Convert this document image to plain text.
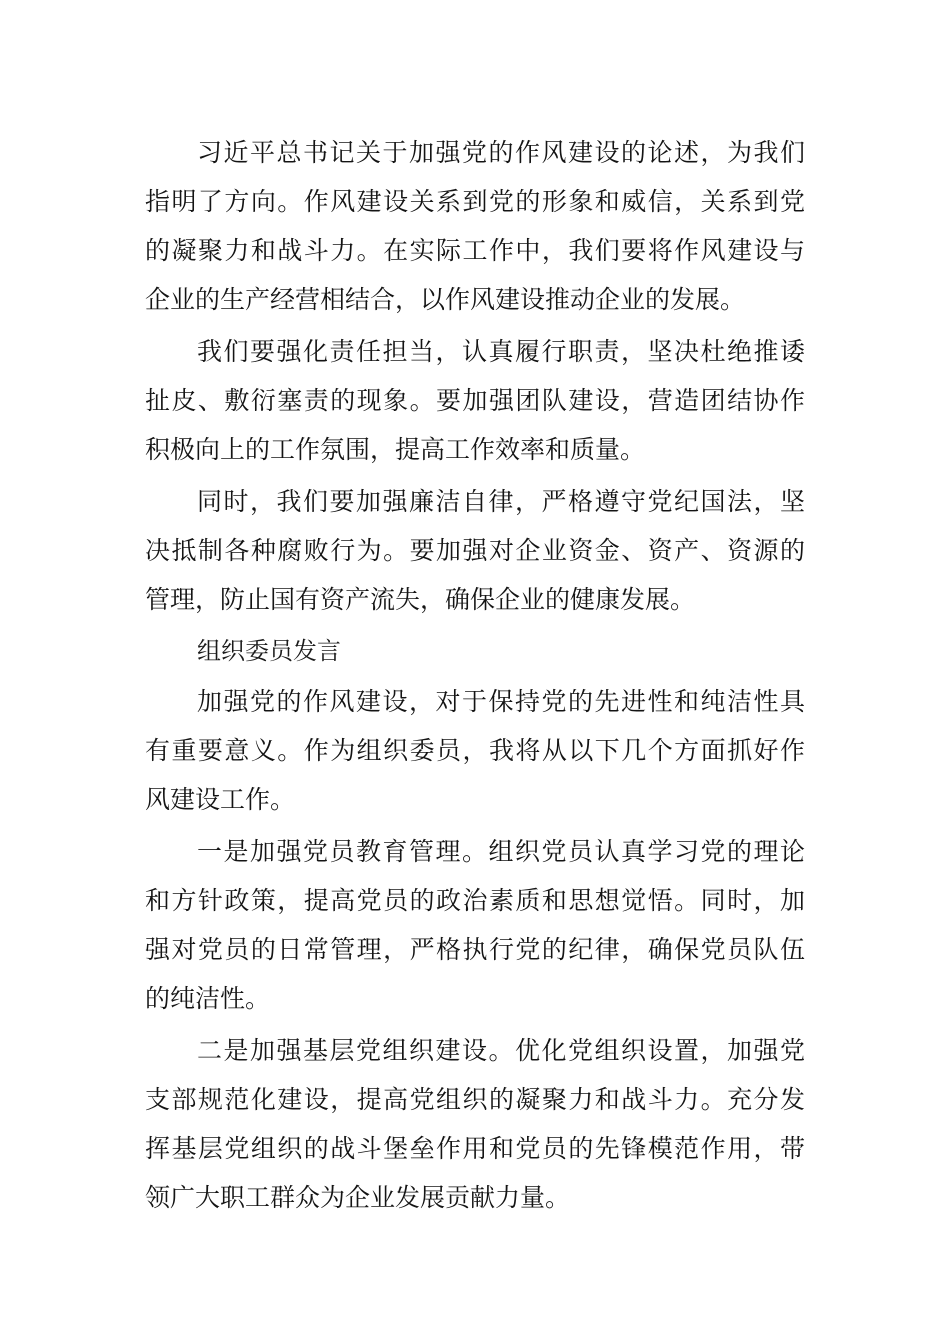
习近平总书记关于加强党的作风建设的论述，为我们
指明了方向。作风建设关系到党的形象和威信，关系到党
的凝聚力和战斗力。在实际工作中，我们要将作风建设与
企业的生产经营相结合，以作风建设推动企业的发展。
我们要强化责任担当，认真履行职责，坚决杜绝推诿
扯皮、敷衍塞责的现象。要加强团队建设，营造团结协作
积极向上的工作氛围，提高工作效率和质量。
同时，我们要加强廉洁自律，严格遵守党纪国法，坚
决抵制各种腐败行为。要加强对企业资金、资产、资源的
管理，防止国有资产流失，确保企业的健康发展。
组织委员发言
加强党的作风建设，对于保持党的先进性和纯洁性具
有重要意义。作为组织委员，我将从以下几个方面抓好作
风建设工作。
一是加强党员教育管理。组织党员认真学习党的理论
和方针政策，提高党员的政治素质和思想觉悟。同时，加
强对党员的日常管理，严格执行党的纪律，确保党员队伍
的纯洁性。
二是加强基层党组织建设。优化党组织设置，加强党
支部规范化建设，提高党组织的凝聚力和战斗力。充分发
挥基层党组织的战斗堡垒作用和党员的先锋模范作用，带
领广大职工群众为企业发展贡献力量。
